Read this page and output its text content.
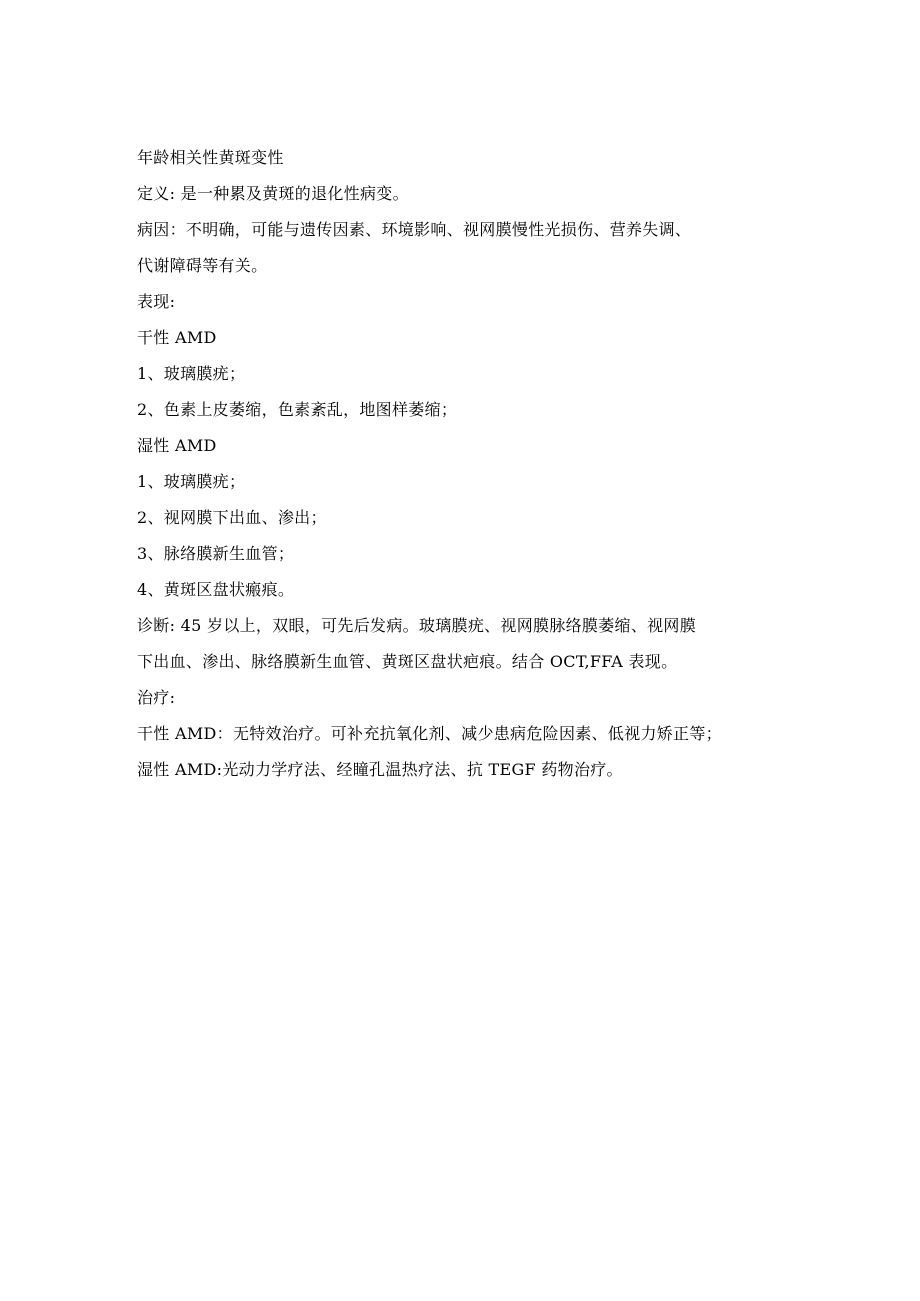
年龄相关性黄斑变性

定义: 是一种累及黄斑的退化性病变。

病因：不明确，可能与遗传因素、环境影响、视网膜慢性光损伤、营养失调、

代谢障碍等有关。

表现:

干性 AMD

1、玻璃膜疣；

2、色素上皮萎缩，色素紊乱，地图样萎缩；

湿性 AMD

1、玻璃膜疣；

2、视网膜下出血、渗出；

3、脉络膜新生血管；

4、黄斑区盘状瘢痕。

诊断: 45 岁以上，双眼，可先后发病。玻璃膜疣、视网膜脉络膜萎缩、视网膜

下出血、渗出、脉络膜新生血管、黄斑区盘状疤痕。结合 OCT,FFA 表现。

治疗:

干性 AMD：无特效治疗。可补充抗氧化剂、减少患病危险因素、低视力矫正等；

湿性 AMD:光动力学疗法、经瞳孔温热疗法、抗 TEGF 药物治疗。
